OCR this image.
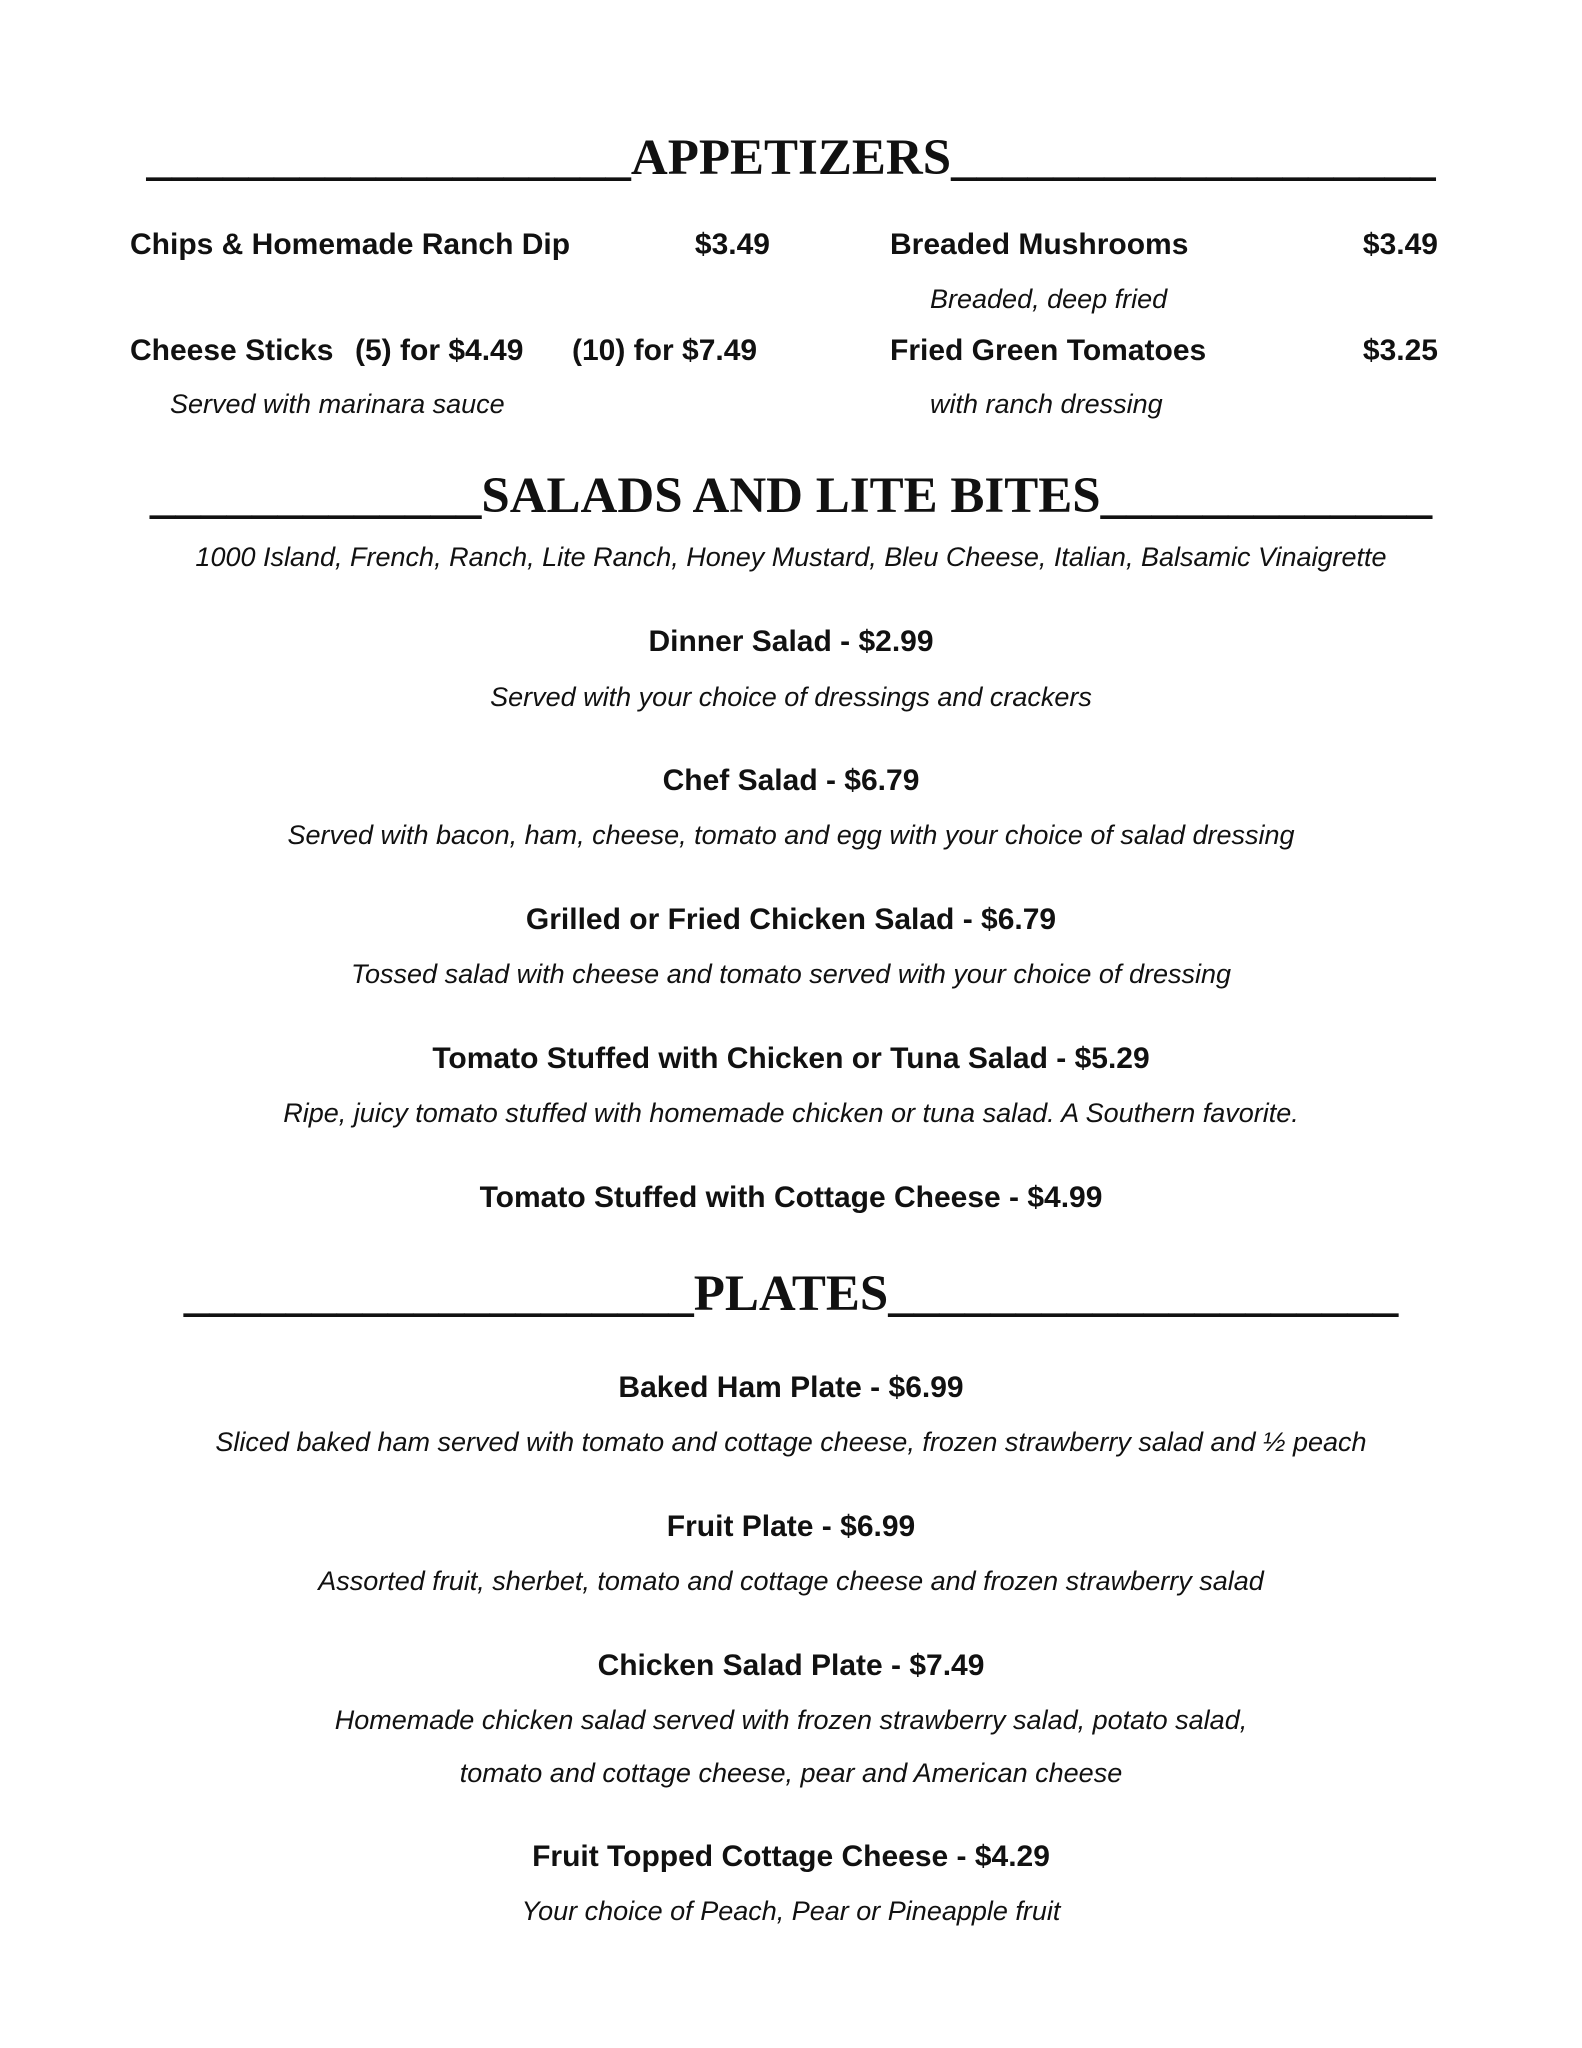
___________________APPETIZERS___________________
Chips & Homemade Ranch Dip	$3.49	Breaded Mushrooms	$3.49
Breaded, deep fried
Cheese Sticks (5) for $4.49 (10) for $7.49
Served with marinara sauce
Fried Green Tomatoes	$3.25
with ranch dressing
_____________SALADS AND LITE BITES_____________
1000 Island, French, Ranch, Lite Ranch, Honey Mustard, Bleu Cheese, Italian, Balsamic Vinaigrette
Dinner Salad - $2.99
Served with your choice of dressings and crackers
Chef Salad - $6.79
Served with bacon, ham, cheese, tomato and egg with your choice of salad dressing
Grilled or Fried Chicken Salad - $6.79
Tossed salad with cheese and tomato served with your choice of dressing
Tomato Stuffed with Chicken or Tuna Salad - $5.29
Ripe, juicy tomato stuffed with homemade chicken or tuna salad. A Southern favorite.
Tomato Stuffed with Cottage Cheese - $4.99
____________________PLATES____________________
Baked Ham Plate - $6.99
Sliced baked ham served with tomato and cottage cheese, frozen strawberry salad and ½ peach
Fruit Plate - $6.99
Assorted fruit, sherbet, tomato and cottage cheese and frozen strawberry salad
Chicken Salad Plate - $7.49
Homemade chicken salad served with frozen strawberry salad, potato salad,
tomato and cottage cheese, pear and American cheese
Fruit Topped Cottage Cheese - $4.29
Your choice of Peach, Pear or Pineapple fruit
